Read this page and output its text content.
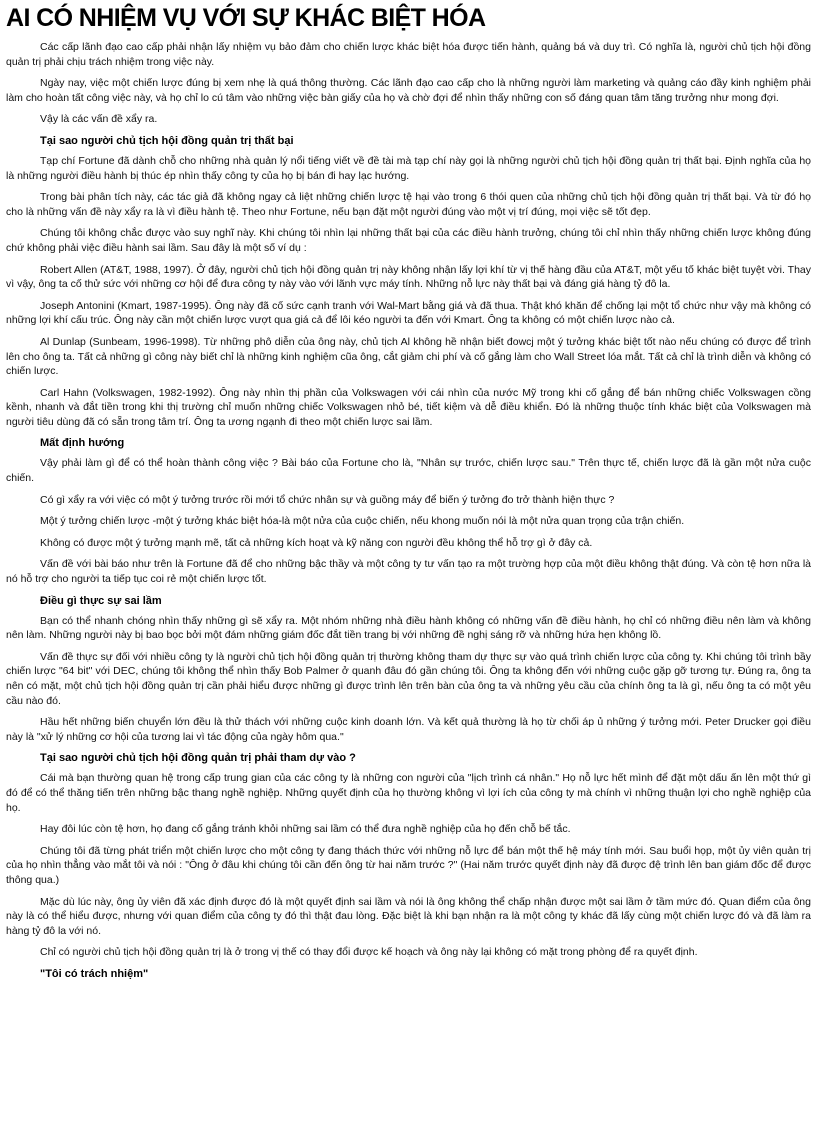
AI CÓ NHIỆM VỤ VỚI SỰ KHÁC BIỆT HÓA

Các cấp lãnh đạo cao cấp phải nhận lấy nhiệm vụ bảo đảm cho chiến lược khác biệt hóa được tiến hành, quảng bá và duy trì. Có nghĩa là, người chủ tịch hội đồng quản trị phải chịu trách nhiệm trong việc này.

Ngày nay, việc một chiến lược đúng bị xem nhẹ là quá thông thường. Các lãnh đạo cao cấp cho là những người làm marketing và quảng cáo đầy kinh nghiệm phải làm cho hoàn tất công việc này, và họ chỉ lo cú tâm vào những việc bàn giấy của họ và chờ đợi để nhìn thấy những con số đáng quan tâm tăng trưởng như mong đợi.

Vậy là các vấn đề xẩy ra.

Tại sao người chủ tịch hội đồng quản trị thất bại

Tạp chí Fortune đã dành chỗ cho những nhà quản lý nổi tiếng viết về đề tài mà tạp chí này gọi là những người chủ tịch hội đồng quản trị thất bại. Định nghĩa của họ là những người điều hành bị thúc ép nhìn thấy công ty của họ bị bán đi hay lạc hướng.

Trong bài phân tích này, các tác giả đã không ngay cả liệt những chiến lược tệ hại vào trong 6 thói quen của những chủ tịch hội đồng quản trị thất bại. Và từ đó họ cho là những vấn đề này xẩy ra là vì điều hành tệ. Theo như Fortune, nếu bạn đặt một người đúng vào một vị trí đúng, mọi việc sẽ tốt đẹp.

Chúng tôi không chắc được vào suy nghĩ này. Khi chúng tôi nhìn lại những thất bại của các điều hành trưởng, chúng tôi chỉ nhìn thấy những chiến lược không đúng chứ không phải việc điều hành sai lầm. Sau đây là một số ví dụ :

Robert Allen (AT&T, 1988, 1997). Ở đây, người chủ tịch hội đồng quản trị này không nhận lấy lợi khí từ vị thế hàng đầu của AT&T, một yếu tố khác biệt tuyệt vời. Thay vì vậy, ông ta cố thử sức với những cơ hội để đưa công ty này vào với lãnh vực máy tính. Những nỗ lực này thất bại và đáng giá hàng tỷ đô la.

Joseph Antonini (Kmart, 1987-1995). Ông này đã cố sức cạnh tranh với Wal-Mart bằng giá và đã thua. Thật khó khăn để chống lại một tổ chức như vậy mà không có những lợi khí cấu trúc. Ông này cần một chiến lược vượt qua giá cả để lôi kéo người ta đến với Kmart. Ông ta không có một chiến lược nào cả.

Al Dunlap (Sunbeam, 1996-1998). Từ những phô diễn của ông này, chủ tịch Al không hề nhận biết đowcj một ý tưởng khác biệt tốt nào nếu chúng có được để trình lên cho ông ta. Tất cả những gì công này biết chỉ là những kinh nghiệm cũa ông, cắt giảm chi phí và cố gắng làm cho Wall Street lóa mắt. Tất cả chỉ là trình diễn và không có chiến lược.

Carl Hahn (Volkswagen, 1982-1992). Ông này nhìn thị phần của Volkswagen với cái nhìn của nước Mỹ trong khi cố gắng để bán những chiếc Volkswagen cồng kềnh, nhanh và đắt tiền trong khi thị trường chỉ muốn những chiếc Volkswagen nhỏ bé, tiết kiệm và dễ điều khiển. Đó là những thuộc tính khác biệt của Volkswagen mà người tiêu dùng đã có sẵn trong tâm trí. Ông ta ương ngạnh đi theo một chiến lược sai lầm.

Mất định hướng

Vậy phải làm gì để có thể hoàn thành công việc ? Bài báo của Fortune cho là, "Nhân sự trước, chiến lược sau." Trên thực tế, chiến lược đã là gần một nửa cuộc chiến.

Có gì xẩy ra với việc có một ý tưởng trước rồi mới tổ chức nhân sự và guồng máy để biến ý tưởng đo trở thành hiện thực ?

Một ý tưởng chiến lược -một ý tưởng khác biệt hóa-là một nửa của cuộc chiến, nếu khong muốn nói là một nửa quan trọng của trận chiến.

Không có được một ý tưởng mạnh mẽ, tất cả những kích hoạt và kỹ năng con người đều không thể hỗ trợ gì ở đây cả.

Vấn đề với bài báo như trên là Fortune đã để cho những bậc thầy và một công ty tư vấn tạo ra một trường hợp của một điều không thật đúng. Và còn tệ hơn nữa là nó hỗ trợ cho người ta tiếp tục coi rẻ một chiến lược tốt.

Điều gì thực sự sai lầm

Bạn có thể nhanh chóng nhìn thấy những gì sẽ xẩy ra. Một nhóm những nhà điều hành không có những vấn đề điều hành, họ chỉ có những điều nên làm và không nên làm. Những người này bị bao bọc bởi một đám những giám đốc đắt tiền trang bị với những đề nghị sáng rỡ và những hứa hẹn không lồ.

Vấn đề thực sự đối với nhiều công ty là người chủ tịch hội đồng quản trị thường không tham dự thực sự vào quá trình chiến lược của công ty. Khi chúng tôi trình bầy chiến lược "64 bit" với DEC, chúng tôi không thể nhìn thấy Bob Palmer ở quanh đâu đó gần chúng tôi. Ông ta không đến với những cuộc gặp gỡ tương tự. Đúng ra, ông ta nên có mặt, một chủ tịch hội đồng quản trị cần phải hiểu được những gì được trình lên trên bàn của ông ta và những yêu cầu của chính ông ta là gì, nếu ông ta có một yêu cầu nào đó.

Hầu hết những biến chuyển lớn đều là thử thách với những cuộc kinh doanh lớn. Và kết quả thường là họ từ chối áp ủ những ý tưởng mới. Peter Drucker gọi điều này là "xử lý những cơ hội của tương lai vì tác động của ngày hôm qua."

Tại sao người chủ tịch hội đồng quản trị phải tham dự vào ?

Cái mà bạn thường quan hệ trong cấp trung gian của các công ty là những con người của "lịch trình cá nhân." Họ nỗ lực hết mình để đặt một dấu ấn lên một thứ gì đó để có thể thăng tiến trên những bậc thang nghề nghiệp. Những quyết định của họ thường không vì lợi ích của công ty mà chính vì những thuận lợi cho nghề nghiệp của họ.

Hay đôi lúc còn tệ hơn, họ đang cố gắng tránh khỏi những sai lầm có thể đưa nghề nghiệp của họ đến chỗ bế tắc.

Chúng tôi đã từng phát triển một chiến lược cho một công ty đang thách thức với những nỗ lực để bán một thế hệ máy tính mới. Sau buổi họp, một ủy viên quản trị của họ nhìn thẳng vào mắt tôi và nói : "Ông ở đâu khi chúng tôi cần đến ông từ hai năm trước ?" (Hai năm trước quyết định này đã được đệ trình lên ban giám đốc để được thông qua.)

Mặc dù lúc này, ông ủy viên đã xác định được đó là một quyết định sai lầm và nói là ông không thể chấp nhận được một sai lầm ở tầm mức đó. Quan điểm của ông này là có thể hiểu được, nhưng với quan điểm của công ty đó thì thật đau lòng. Đặc biệt là khi bạn nhận ra là một công ty khác đã lấy cùng một chiến lược đó và đã làm ra hàng tỷ đô la với nó.

Chỉ có người chủ tịch hội đồng quản trị là ở trong vị thế có thay đổi được kế hoạch và ông này lại không có mặt trong phòng để ra quyết định.

"Tôi có trách nhiệm"
